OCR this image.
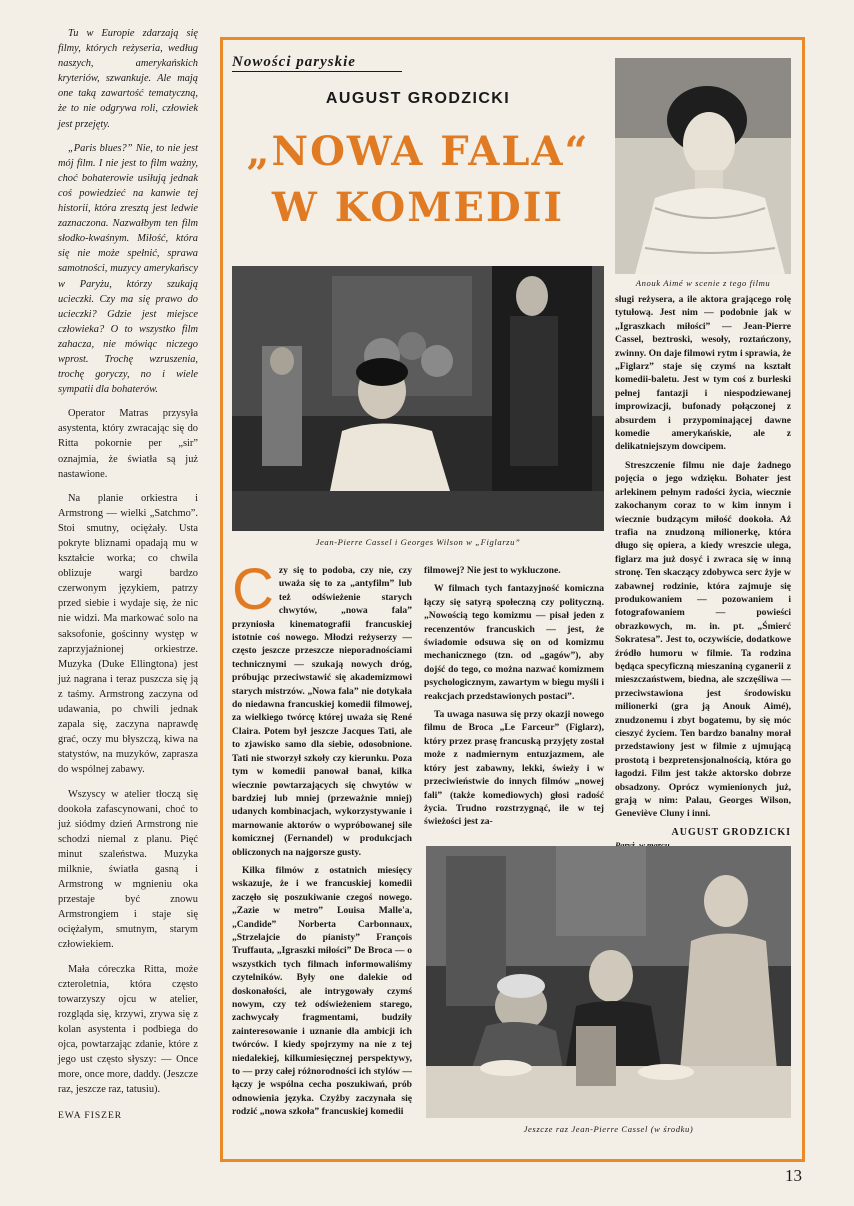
Tu w Europie zdarzają się filmy, których reżyseria, według naszych, amerykańskich kryteriów, szwankuje. Ale mają one taką zawartość tematyczną, że to nie odgrywa roli, człowiek jest przejęty.

„Paris blues?” Nie, to nie jest mój film. I nie jest to film ważny, choć bohaterowie usiłują jednak coś powiedzieć na kanwie tej historii, która zresztą jest ledwie zaznaczona. Nazwałbym ten film słodko-kwaśnym. Miłość, która się nie może spełnić, sprawa samotności, muzycy amerykańscy w Paryżu, którzy szukają ucieczki. Czy ma się prawo do ucieczki? Gdzie jest miejsce człowieka? O to wszystko film zahacza, nie mówiąc niczego wprost. Trochę wzruszenia, trochę goryczy, no i wiele sympatii dla bohaterów.

Operator Matras przysyła asystenta, który zwracając się do Ritta pokornie per „sir” oznajmia, że światła są już nastawione.

Na planie orkiestra i Armstrong — wielki „Satchmo”. Stoi smutny, ociężały. Usta pokryte bliznami opadają mu w kształcie worka; co chwila oblizuje wargi bardzo czerwonym językiem, patrzy przed siebie i wydaje się, że nic nie widzi. Ma markować solo na saksofonie, gościnny występ w zaprzyjaźnionej orkiestrze. Muzyka (Duke Ellingtona) jest już nagrana i teraz puszcza się ją z taśmy. Armstrong zaczyna od udawania, po chwili jednak zapala się, zaczyna naprawdę grać, oczy mu błyszczą, kiwa na statystów, na muzyków, zaprasza do wspólnej zabawy.

Wszyscy w atelier tłoczą się dookoła zafascynowani, choć to już siódmy dzień Armstrong nie schodzi niemal z planu. Pięć minut szaleństwa. Muzyka milknie, światła gasną i Armstrong w mgnieniu oka przestaje być znowu Armstrongiem i staje się ociężałym, smutnym, starym człowiekiem.

Mała córeczka Ritta, może czteroletnia, która często towarzyszy ojcu w atelier, rozgląda się, krzywi, zrywa się z kolan asystenta i podbiega do ojca, powtarzając zdanie, które z jego ust często słyszy: — Once more, once more, daddy. (Jeszcze raz, jeszcze raz, tatusiu).

EWA FISZER

Nowości paryskie
AUGUST GRODZICKI
„NOWA FALA“
W KOMEDII
Anouk Aimé w scenie z tego filmu
Jean-Pierre Cassel i Georges Wilson w „Figlarzu”

Czy się to podoba, czy nie, czy uważa się to za „antyfilm” lub też odświeżenie starych chwytów, „nowa fala” przyniosła kinematografii francuskiej istotnie coś nowego. Młodzi reżyserzy — często jeszcze przeszcze nieporadnościami technicznymi — szukają nowych dróg, próbując przeciwstawić się akademizmowi starych mistrzów. „Nowa fala” nie dotykała do niedawna francuskiej komedii filmowej, za wielkiego twórcę której uważa się René Claira. Potem był jeszcze Jacques Tati, ale to zjawisko samo dla siebie, odosobnione. Tati nie stworzył szkoły czy kierunku. Poza tym w komedii panował banał, kilka wiecznie powtarzających się chwytów w bardziej lub mniej (przeważnie mniej) udanych kombinacjach, wykorzystywanie i marnowanie aktorów o wypróbowanej sile komicznej (Fernandel) w produkcjach obliczonych na najgorsze gusty.

Kilka filmów z ostatnich miesięcy wskazuje, że i we francuskiej komedii zaczęło się poszukiwanie czegoś nowego. „Zazie w metro” Louisa Malle'a, „Candide” Norberta Carbonnaux, „Strzelajcie do pianisty” François Truffauta, „Igraszki miłości” De Broca — o wszystkich tych filmach informowaliśmy czytelników. Były one dalekie od doskonałości, ale intrygowały czymś nowym, czy też odświeżeniem starego, zachwycały fragmentami, budziły zainteresowanie i uznanie dla ambicji ich twórców. I kiedy spojrzymy na nie z tej niedalekiej, kilkumiesięcznej perspektywy, to — przy całej różnorodności ich stylów — łączy je wspólna cecha poszukiwań, prób odnowienia języka. Czyżby zaczynała się rodzić „nowa szkoła” francuskiej komedii

filmowej? Nie jest to wykluczone.

W filmach tych fantazyjność komiczna łączy się satyrą społeczną czy polityczną. „Nowością tego komizmu — pisał jeden z recenzentów francuskich — jest, że świadomie odsuwa się on od komizmu mechanicznego (tzn. od „gagów”), aby dojść do tego, co można nazwać komizmem psychologicznym, zawartym w biegu myśli i reakcjach przedstawionych postaci”.

Ta uwaga nasuwa się przy okazji nowego filmu de Broca „Le Farceur” (Figlarz), który przez prasę francuską przyjęty został może z nadmiernym entuzjazmem, ale który jest zabawny, lekki, świeży i w przeciwieństwie do innych filmów „nowej fali” (także komediowych) głosi radość życia. Trudno rozstrzygnąć, ile w tej świeżości jest za-

sługi reżysera, a ile aktora grającego rolę tytułową. Jest nim — podobnie jak w „Igraszkach miłości” — Jean-Pierre Cassel, beztroski, wesoły, roztańczony, zwinny. On daje filmowi rytm i sprawia, że „Figlarz” staje się czymś na kształt komedii-baletu. Jest w tym coś z burleski pełnej fantazji i niespodziewanej improwizacji, bufonady połączonej z absurdem i przypominającej dawne komedie amerykańskie, ale z delikatniejszym dowcipem.

Streszczenie filmu nie daje żadnego pojęcia o jego wdzięku. Bohater jest arlekinem pełnym radości życia, wiecznie zakochanym coraz to w kim innym i wiecznie budzącym miłość dookoła. Aż trafia na znudzoną milionerkę, która długo się opiera, a kiedy wreszcie ulega, figlarz ma już dosyć i zwraca się w inną stronę. Ten skaczący zdobywca serc żyje w zabawnej rodzinie, która zajmuje się produkowaniem — pozowaniem i fotografowaniem — powieści obrazkowych, m. in. pt. „Śmierć Sokratesa”. Jest to, oczywiście, dodatkowe źródło humoru w filmie. Ta rodzina będąca specyficzną mieszaniną cyganerii z mieszczaństwem, biedna, ale szczęśliwa — przeciwstawiona jest środowisku milionerki (gra ją Anouk Aimé), znudzonemu i zbyt bogatemu, by się móc cieszyć życiem. Ten bardzo banalny morał przedstawiony jest w filmie z ujmującą prostotą i bezpretensjonalnością, która go łagodzi. Film jest także aktorsko dobrze obsadzony. Oprócz wymienionych już, grają w nim: Palau, Georges Wilson, Geneviève Cluny i inni.

AUGUST GRODZICKI
Jeszcze raz Jean-Pierre Cassel (w środku)
13
